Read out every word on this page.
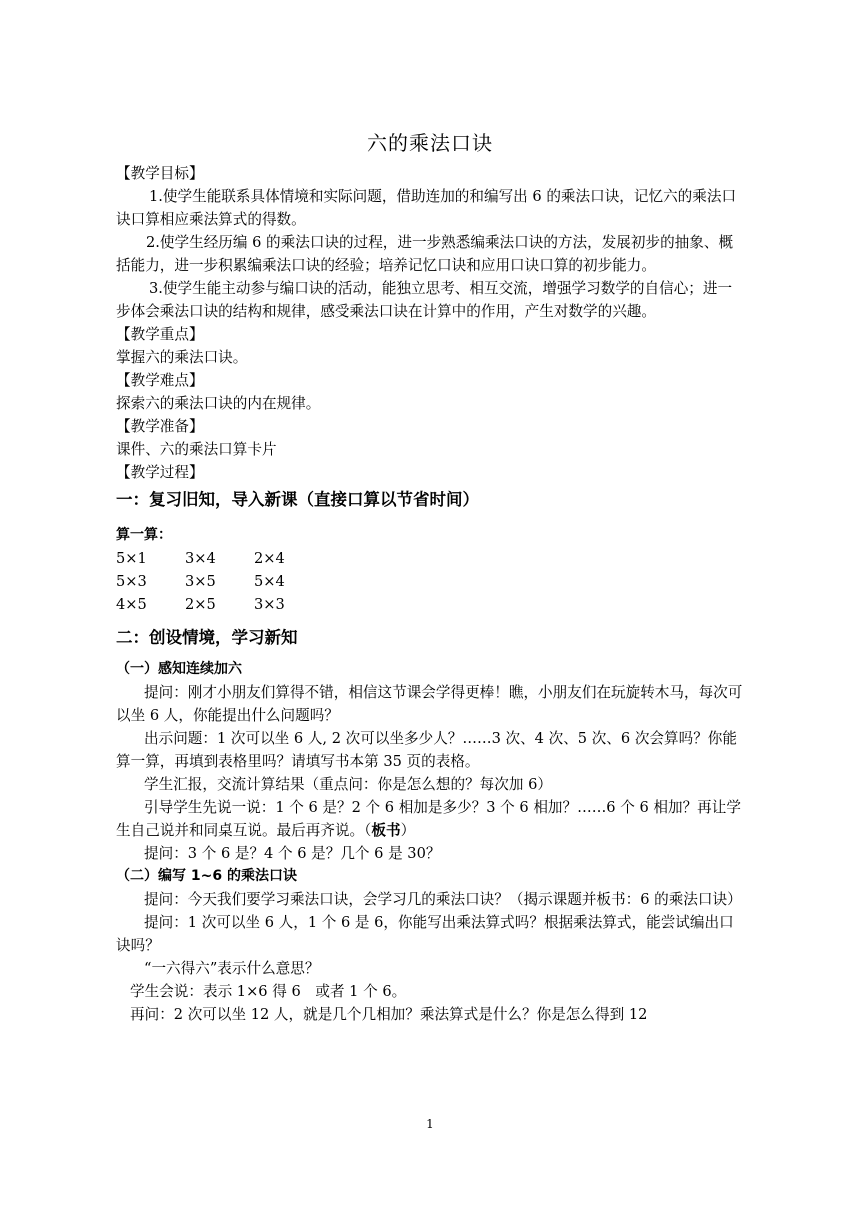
六的乘法口诀

【教学目标】

1.使学生能联系具体情境和实际问题，借助连加的和编写出 6 的乘法口诀，记忆六的乘法口诀口算相应乘法算式的得数。

2.使学生经历编 6 的乘法口诀的过程，进一步熟悉编乘法口诀的方法，发展初步的抽象、概括能力，进一步积累编乘法口诀的经验；培养记忆口诀和应用口诀口算的初步能力。

3.使学生能主动参与编口诀的活动，能独立思考、相互交流，增强学习数学的自信心；进一步体会乘法口诀的结构和规律，感受乘法口诀在计算中的作用，产生对数学的兴趣。

【教学重点】

掌握六的乘法口诀。

【教学难点】

探索六的乘法口诀的内在规律。

【教学准备】

课件、六的乘法口算卡片

【教学过程】

一：复习旧知，导入新课（直接口算以节省时间）

算一算：

5×1	3×4	2×4
5×3	3×5	5×4
4×5	2×5	3×3

二：创设情境，学习新知

（一）感知连续加六

提问：刚才小朋友们算得不错，相信这节课会学得更棒！瞧，小朋友们在玩旋转木马，每次可以坐 6 人，你能提出什么问题吗？

出示问题：1 次可以坐 6 人, 2 次可以坐多少人？……3 次、4 次、5 次、6 次会算吗？你能算一算，再填到表格里吗？请填写书本第 35 页的表格。

学生汇报，交流计算结果（重点问：你是怎么想的？每次加 6）

引导学生先说一说：1 个 6 是？2 个 6 相加是多少？3 个 6 相加？……6 个 6 相加？再让学生自己说并和同桌互说。最后再齐说。（板书）

提问：3 个 6 是？4 个 6 是？几个 6 是 30？

（二）编写 1~6 的乘法口诀

提问：今天我们要学习乘法口诀，会学习几的乘法口诀？（揭示课题并板书：6 的乘法口诀）

提问：1 次可以坐 6 人，1 个 6 是 6，你能写出乘法算式吗？根据乘法算式，能尝试编出口诀吗？

“一六得六”表示什么意思？

学生会说：表示 1×6 得 6　或者 1 个 6。

再问：2 次可以坐 12 人，就是几个几相加？乘法算式是什么？你是怎么得到 12

1
